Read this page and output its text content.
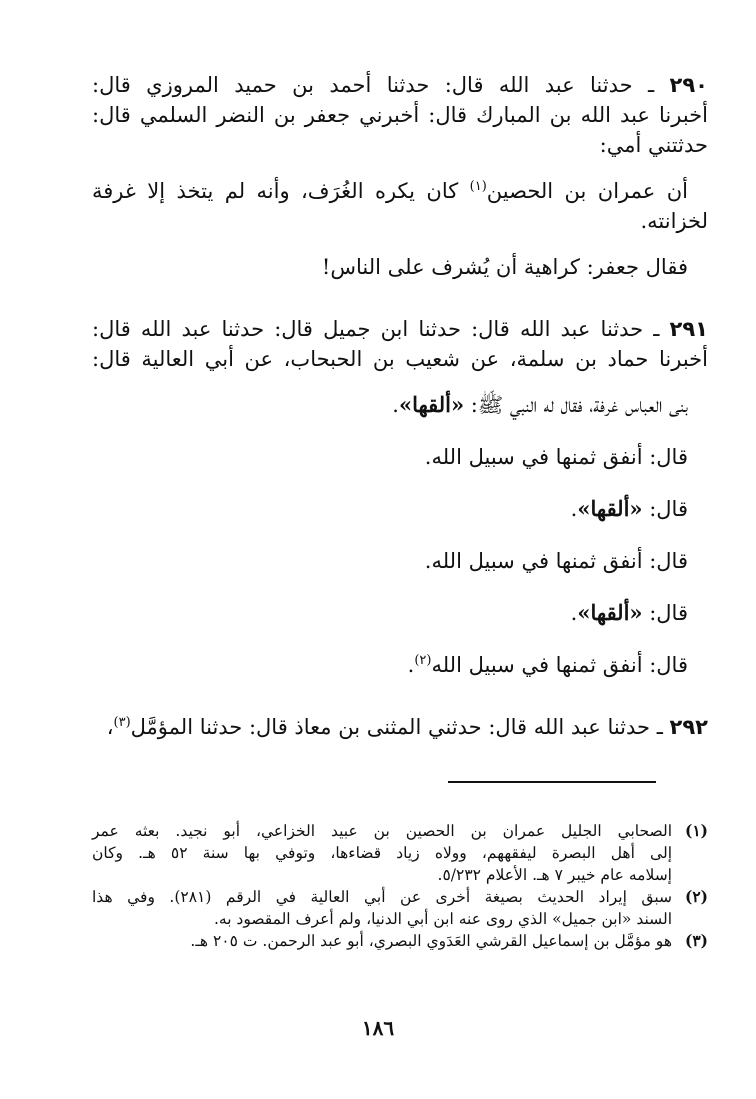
٢٩٠ ـ حدثنا عبد الله قال: حدثنا أحمد بن حميد المروزي قال:
أخبرنا عبد الله بن المبارك قال: أخبرني جعفر بن النضر السلمي قال:
حدثتني أمي:
أن عمران بن الحصين$^{(١)}$ كان يكره الغُرَف، وأنه لم يتخذ إلا غرفة
لخزانته.
فقال جعفر: كراهية أن يُشرف على الناس!
٢٩١ ـ حدثنا عبد الله قال: حدثنا ابن جميل قال: حدثنا عبد الله قال:
أخبرنا حماد بن سلمة، عن شعيب بن الحبحاب، عن أبي العالية قال:
بنى العباس غرفة، فقال له النبي ﷺ: «ألقها».
قال: أنفق ثمنها في سبيل الله.
قال: «ألقها».
قال: أنفق ثمنها في سبيل الله.
قال: «ألقها».
قال: أنفق ثمنها في سبيل الله$^{(٢)}$.
٢٩٢ ـ حدثنا عبد الله قال: حدثني المثنى بن معاذ قال: حدثنا المؤمَّل$^{(٣)}$،
(١)
الصحابي الجليل عمران بن الحصين بن عبيد الخزاعي، أبو نجيد. بعثه عمر
إلى أهل البصرة ليفقههم، وولاه زياد قضاءها، وتوفي بها سنة ٥٢ هـ. وكان
إسلامه عام خيبر ٧ هـ. الأعلام ٥/٢٣٢.
(٢)
سبق إيراد الحديث بصيغة أخرى عن أبي العالية في الرقم (٢٨١). وفي هذا
السند «ابن جميل» الذي روى عنه ابن أبي الدنيا، ولم أعرف المقصود به.
(٣)
هو مؤمَّل بن إسماعيل القرشي العَدَوي البصري، أبو عبد الرحمن. ت ٢٠٥ هـ.
١٨٦
